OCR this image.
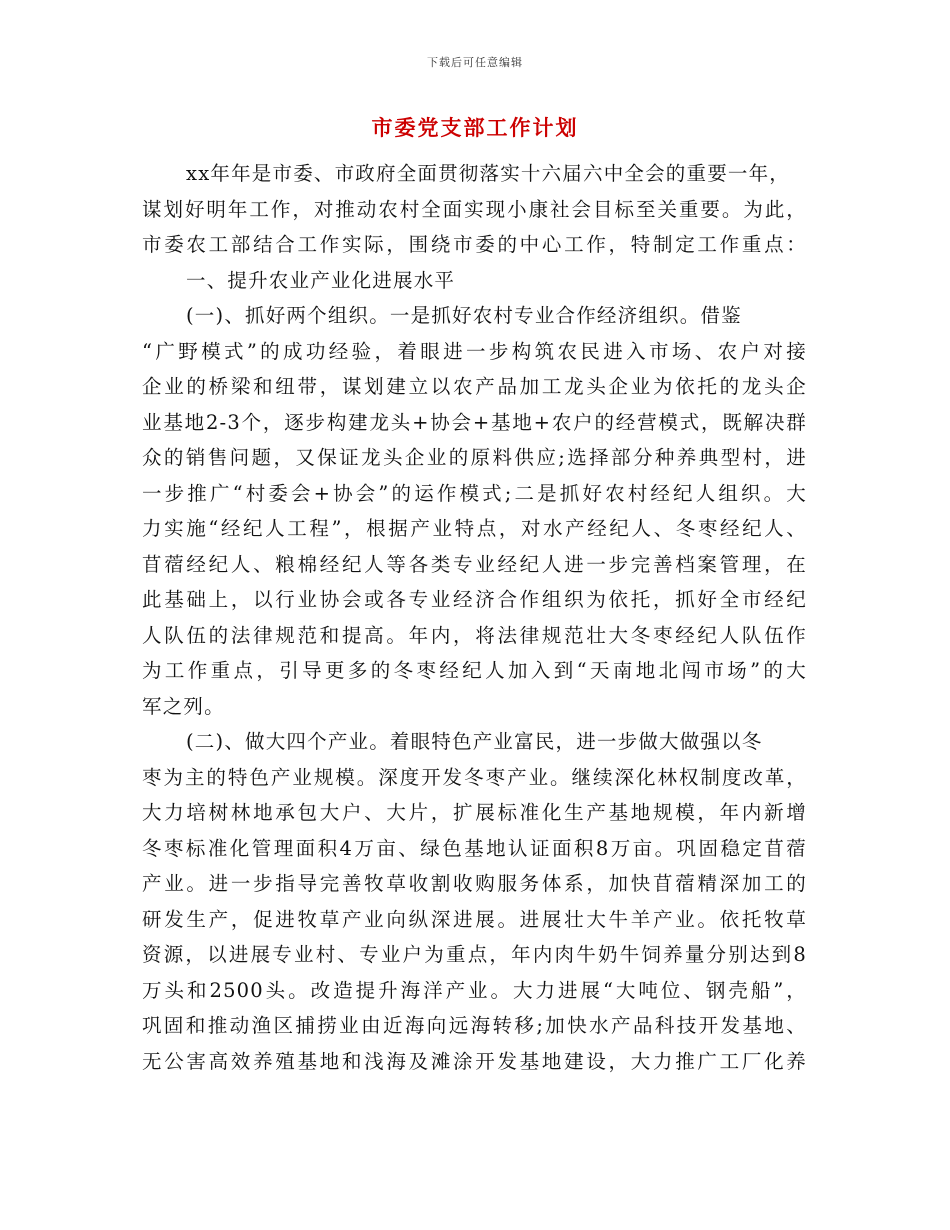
下载后可任意编辑
市委党支部工作计划
xx年年是市委、市政府全面贯彻落实十六届六中全会的重要一年，
谋划好明年工作，对推动农村全面实现小康社会目标至关重要。为此，
市委农工部结合工作实际，围绕市委的中心工作，特制定工作重点：
一、提升农业产业化进展水平
(一)、抓好两个组织。一是抓好农村专业合作经济组织。借鉴
“广野模式”的成功经验，着眼进一步构筑农民进入市场、农户对接
企业的桥梁和纽带，谋划建立以农产品加工龙头企业为依托的龙头企
业基地2-3个，逐步构建龙头+协会+基地+农户的经营模式，既解决群
众的销售问题，又保证龙头企业的原料供应;选择部分种养典型村，进
一步推广“村委会+协会”的运作模式;二是抓好农村经纪人组织。大
力实施“经纪人工程”，根据产业特点，对水产经纪人、冬枣经纪人、
苜蓿经纪人、粮棉经纪人等各类专业经纪人进一步完善档案管理，在
此基础上，以行业协会或各专业经济合作组织为依托，抓好全市经纪
人队伍的法律规范和提高。年内，将法律规范壮大冬枣经纪人队伍作
为工作重点，引导更多的冬枣经纪人加入到“天南地北闯市场”的大
军之列。
(二)、做大四个产业。着眼特色产业富民，进一步做大做强以冬
枣为主的特色产业规模。深度开发冬枣产业。继续深化林权制度改革，
大力培树林地承包大户、大片，扩展标准化生产基地规模，年内新增
冬枣标准化管理面积4万亩、绿色基地认证面积8万亩。巩固稳定苜蓿
产业。进一步指导完善牧草收割收购服务体系，加快苜蓿精深加工的
研发生产，促进牧草产业向纵深进展。进展壮大牛羊产业。依托牧草
资源，以进展专业村、专业户为重点，年内肉牛奶牛饲养量分别达到8
万头和2500头。改造提升海洋产业。大力进展“大吨位、钢壳船”，
巩固和推动渔区捕捞业由近海向远海转移;加快水产品科技开发基地、
无公害高效养殖基地和浅海及滩涂开发基地建设，大力推广工厂化养
